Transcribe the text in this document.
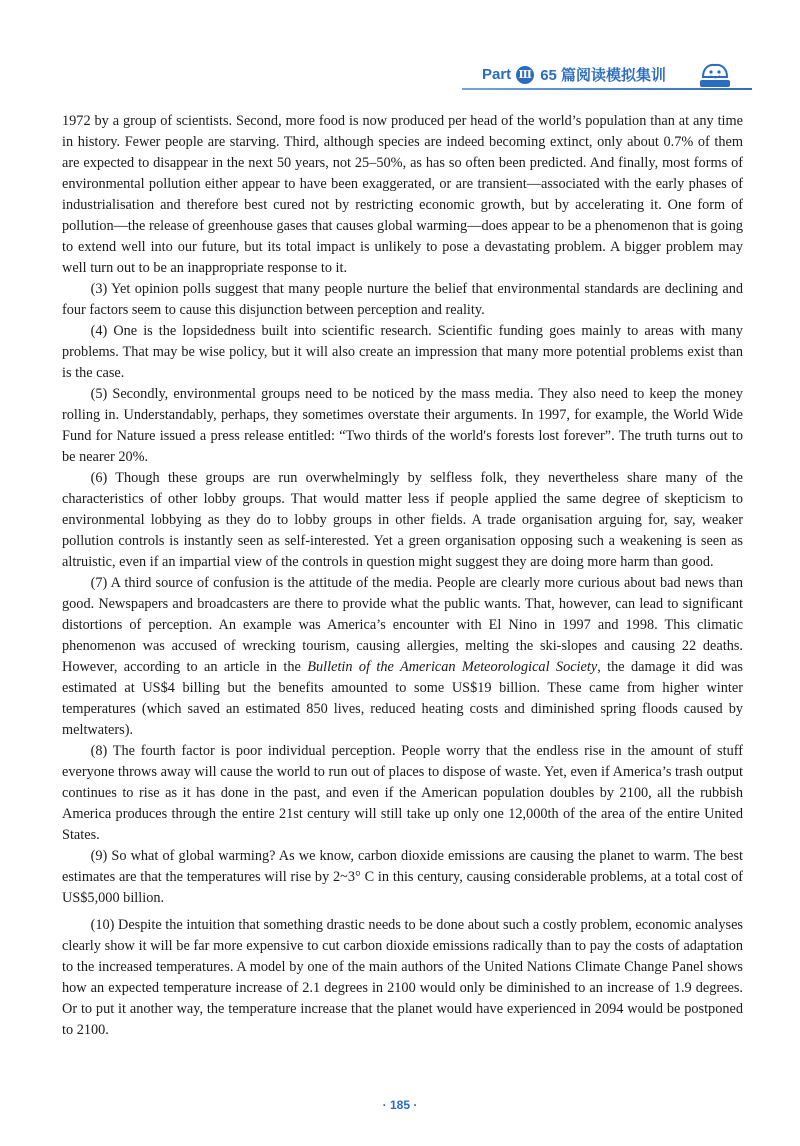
Part Ⅲ 65 篇阅读模拟集训

1972 by a group of scientists. Second, more food is now produced per head of the world’s population than at any time in history. Fewer people are starving. Third, although species are indeed becoming extinct, only about 0.7% of them are expected to disappear in the next 50 years, not 25–50%, as has so often been predicted. And finally, most forms of environmental pollution either appear to have been exaggerated, or are transient—associated with the early phases of industrialisation and therefore best cured not by restricting economic growth, but by accelerating it. One form of pollution—the release of greenhouse gases that causes global warming—does appear to be a phenomenon that is going to extend well into our future, but its total impact is unlikely to pose a devastating problem. A bigger problem may well turn out to be an inappropriate response to it.

(3) Yet opinion polls suggest that many people nurture the belief that environmental standards are declining and four factors seem to cause this disjunction between perception and reality.

(4) One is the lopsidedness built into scientific research. Scientific funding goes mainly to areas with many problems. That may be wise policy, but it will also create an impression that many more potential problems exist than is the case.

(5) Secondly, environmental groups need to be noticed by the mass media. They also need to keep the money rolling in. Understandably, perhaps, they sometimes overstate their arguments. In 1997, for example, the World Wide Fund for Nature issued a press release entitled: “Two thirds of the world′s forests lost forever”. The truth turns out to be nearer 20%.

(6) Though these groups are run overwhelmingly by selfless folk, they nevertheless share many of the characteristics of other lobby groups. That would matter less if people applied the same degree of skepticism to environmental lobbying as they do to lobby groups in other fields. A trade organisation arguing for, say, weaker pollution controls is instantly seen as self-interested. Yet a green organisation opposing such a weakening is seen as altruistic, even if an impartial view of the controls in question might suggest they are doing more harm than good.

(7) A third source of confusion is the attitude of the media. People are clearly more curious about bad news than good. Newspapers and broadcasters are there to provide what the public wants. That, however, can lead to significant distortions of perception. An example was America’s encounter with El Nino in 1997 and 1998. This climatic phenomenon was accused of wrecking tourism, causing allergies, melting the ski-slopes and causing 22 deaths. However, according to an article in the Bulletin of the American Meteorological Society, the damage it did was estimated at US$4 billing but the benefits amounted to some US$19 billion. These came from higher winter temperatures (which saved an estimated 850 lives, reduced heating costs and diminished spring floods caused by meltwaters).

(8) The fourth factor is poor individual perception. People worry that the endless rise in the amount of stuff everyone throws away will cause the world to run out of places to dispose of waste. Yet, even if America’s trash output continues to rise as it has done in the past, and even if the American population doubles by 2100, all the rubbish America produces through the entire 21st century will still take up only one 12,000th of the area of the entire United States.

(9) So what of global warming? As we know, carbon dioxide emissions are causing the planet to warm. The best estimates are that the temperatures will rise by 2~3° C in this century, causing considerable problems, at a total cost of US$5,000 billion.

(10) Despite the intuition that something drastic needs to be done about such a costly problem, economic analyses clearly show it will be far more expensive to cut carbon dioxide emissions radically than to pay the costs of adaptation to the increased temperatures. A model by one of the main authors of the United Nations Climate Change Panel shows how an expected temperature increase of 2.1 degrees in 2100 would only be diminished to an increase of 1.9 degrees. Or to put it another way, the temperature increase that the planet would have experienced in 2094 would be postponed to 2100.

· 185 ·
